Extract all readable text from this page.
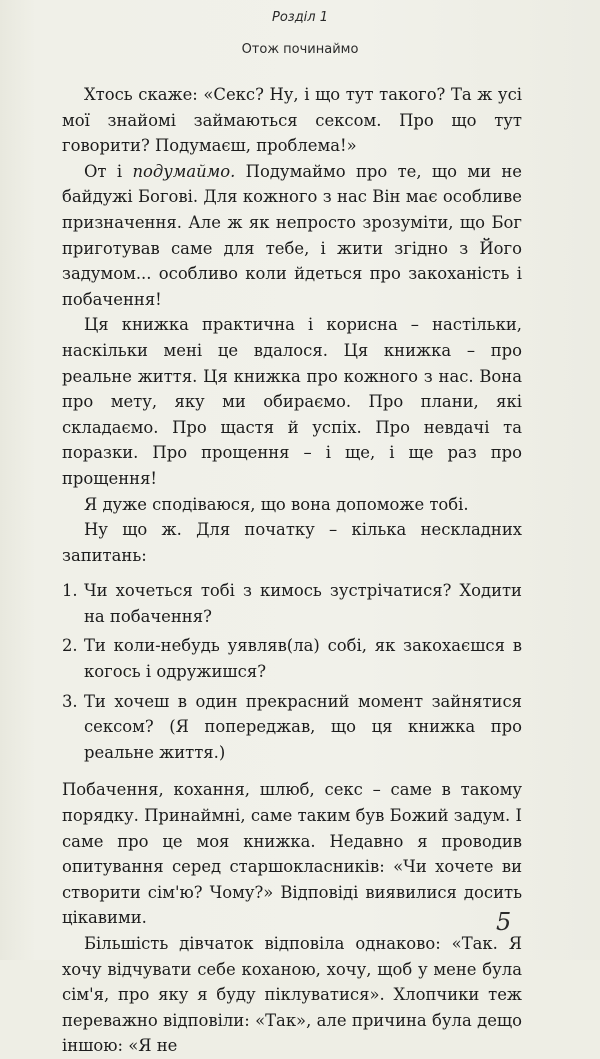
Розділ 1
Отож починаймо

Хтось скаже: «Секс? Ну, і що тут такого? Та ж усі мої знайомі займаються сексом. Про що тут говорити? Подумаєш, проблема!»

От і подумаймо. Подумаймо про те, що ми не байдужі Богові. Для кожного з нас Він має особливе призначення. Але ж як непросто зрозуміти, що Бог приготував саме для тебе, і жити згідно з Його задумом... особливо коли йдеться про закоханість і побачення!

Ця книжка практична і корисна – настільки, наскільки мені це вдалося. Ця книжка – про реальне життя. Ця книжка про кожного з нас. Вона про мету, яку ми обираємо. Про плани, які складаємо. Про щастя й успіх. Про невдачі та поразки. Про прощення – і ще, і ще раз про прощення!

Я дуже сподіваюся, що вона допоможе тобі.

Ну що ж. Для початку – кілька нескладних запитань:

1. Чи хочеться тобі з кимось зустрічатися? Ходити на побачення?
2. Ти коли-небудь уявляв(ла) собі, як закохаєшся в когось і одружишся?
3. Ти хочеш в один прекрасний момент зайнятися сексом? (Я попереджав, що ця книжка про реальне життя.)

Побачення, кохання, шлюб, секс – саме в такому порядку. Принаймні, саме таким був Божий задум. І саме про це моя книжка. Недавно я проводив опитування серед старшокласників: «Чи хочете ви створити сім'ю? Чому?» Відповіді виявилися досить цікавими.

Більшість дівчаток відповіла однаково: «Так. Я хочу відчувати себе коханою, хочу, щоб у мене була сім'я, про яку я буду піклуватися». Хлопчики теж переважно відповіли: «Так», але причина була дещо іншою: «Я не

5
